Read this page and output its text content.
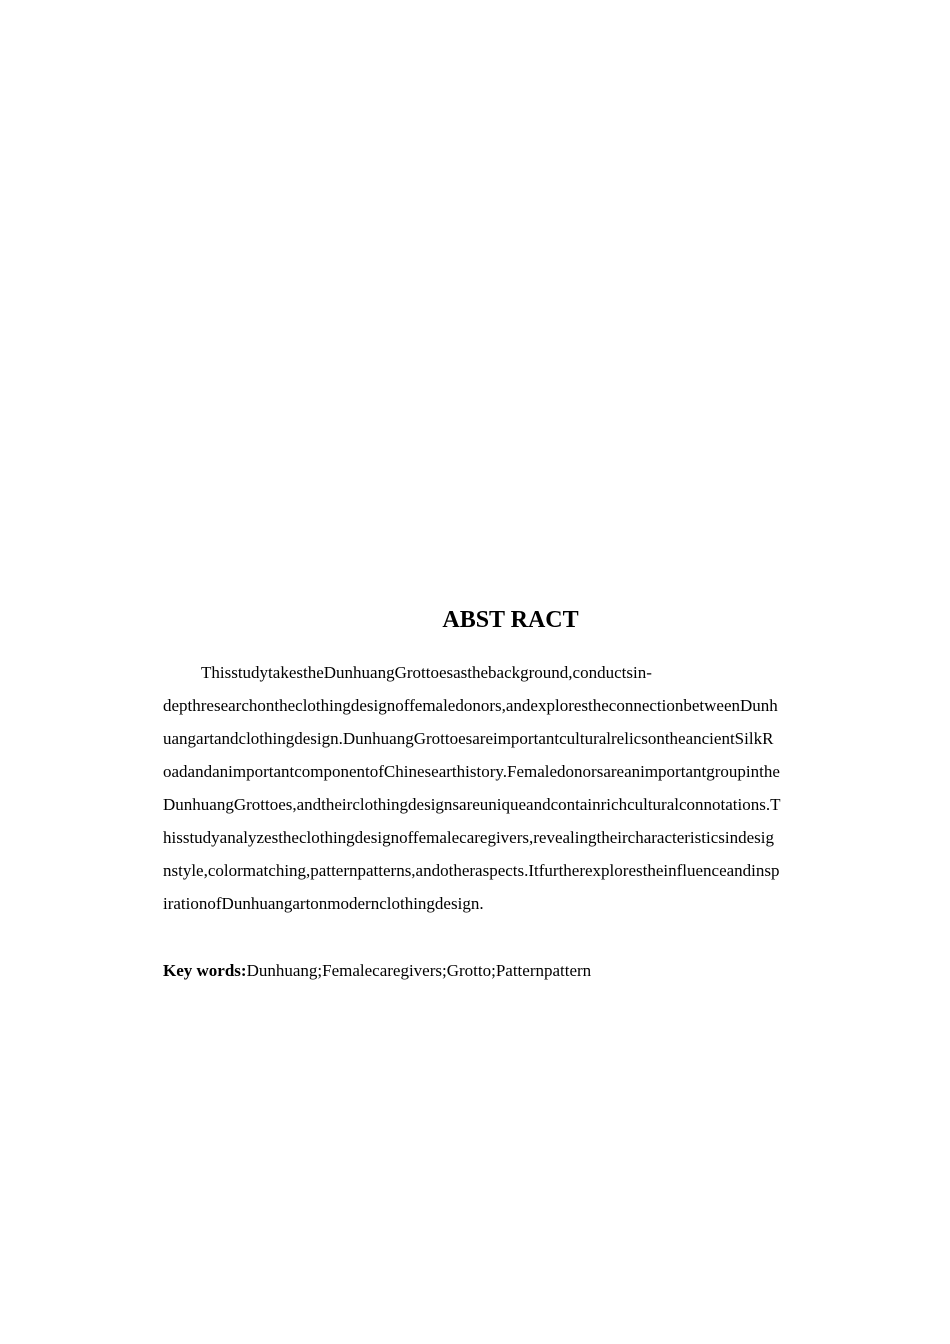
ABST RACT
ThisstudytakestheDunhuangGrottoesasthebackground,conductsin-
depthresearchontheclothingdesignoffemaledonors,andexplorestheconnectionbetweenDunh
uangartandclothingdesign.DunhuangGrottoesareimportantculturalrelicsontheancientSilkR
oadandanimportantcomponentofChinesearthistory.Femaledonorsareanimportantgroupinthe
DunhuangGrottoes,andtheirclothingdesignsareuniqueandcontainrichculturalconnotations.T
hisstudyanalyzestheclothingdesignoffemalecaregivers,revealingtheircharacteristicsindesig
nstyle,colormatching,patternpatterns,andotheraspects.Itfurtherexplorestheinfluenceandinsp
irationofDunhuangartonmodernclothingdesign.
Key words:Dunhuang;Femalecaregivers;Grotto;Patternpattern
